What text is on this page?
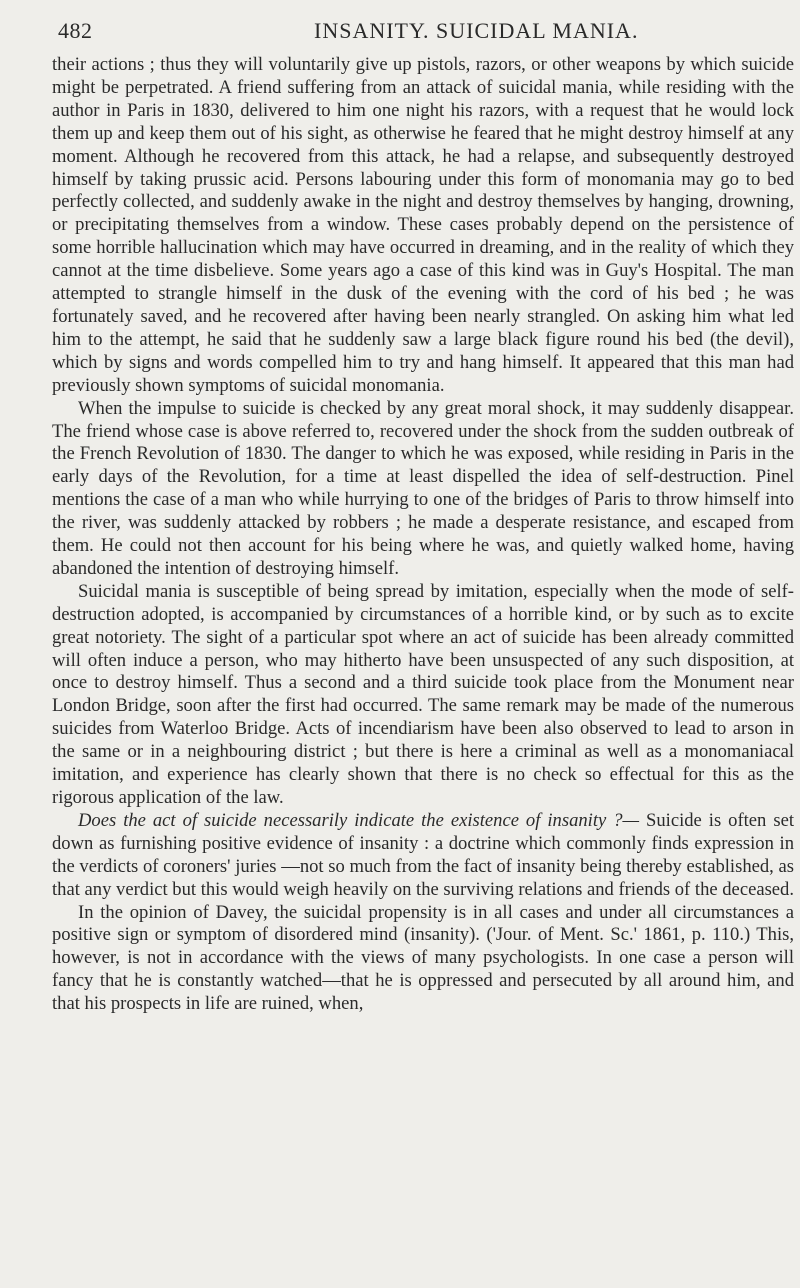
482	INSANITY. SUICIDAL MANIA.

their actions ; thus they will voluntarily give up pistols, razors, or other weapons by which suicide might be perpetrated. A friend suffering from an attack of suicidal mania, while residing with the author in Paris in 1830, delivered to him one night his razors, with a request that he would lock them up and keep them out of his sight, as otherwise he feared that he might destroy himself at any moment. Although he recovered from this attack, he had a relapse, and subsequently destroyed himself by taking prussic acid. Persons labouring under this form of monomania may go to bed perfectly collected, and suddenly awake in the night and destroy themselves by hanging, drowning, or precipitating themselves from a window. These cases probably depend on the persistence of some horrible hallucination which may have occurred in dreaming, and in the reality of which they cannot at the time disbelieve. Some years ago a case of this kind was in Guy's Hospital. The man attempted to strangle himself in the dusk of the evening with the cord of his bed ; he was fortunately saved, and he recovered after having been nearly strangled. On asking him what led him to the attempt, he said that he suddenly saw a large black figure round his bed (the devil), which by signs and words compelled him to try and hang himself. It appeared that this man had previously shown symptoms of suicidal monomania.

When the impulse to suicide is checked by any great moral shock, it may suddenly disappear. The friend whose case is above referred to, recovered under the shock from the sudden outbreak of the French Revolution of 1830. The danger to which he was exposed, while residing in Paris in the early days of the Revolution, for a time at least dispelled the idea of self-destruction. Pinel mentions the case of a man who while hurrying to one of the bridges of Paris to throw himself into the river, was suddenly attacked by robbers ; he made a desperate resistance, and escaped from them. He could not then account for his being where he was, and quietly walked home, having abandoned the intention of destroying himself.

Suicidal mania is susceptible of being spread by imitation, especially when the mode of self-destruction adopted, is accompanied by circumstances of a horrible kind, or by such as to excite great notoriety. The sight of a particular spot where an act of suicide has been already committed will often induce a person, who may hitherto have been unsuspected of any such disposition, at once to destroy himself. Thus a second and a third suicide took place from the Monument near London Bridge, soon after the first had occurred. The same remark may be made of the numerous suicides from Waterloo Bridge. Acts of incendiarism have been also observed to lead to arson in the same or in a neighbouring district ; but there is here a criminal as well as a monomaniacal imitation, and experience has clearly shown that there is no check so effectual for this as the rigorous application of the law.

Does the act of suicide necessarily indicate the existence of insanity ?— Suicide is often set down as furnishing positive evidence of insanity : a doctrine which commonly finds expression in the verdicts of coroners' juries —not so much from the fact of insanity being thereby established, as that any verdict but this would weigh heavily on the surviving relations and friends of the deceased.

In the opinion of Davey, the suicidal propensity is in all cases and under all circumstances a positive sign or symptom of disordered mind (insanity). ('Jour. of Ment. Sc.' 1861, p. 110.) This, however, is not in accordance with the views of many psychologists. In one case a person will fancy that he is constantly watched—that he is oppressed and persecuted by all around him, and that his prospects in life are ruined, when,
